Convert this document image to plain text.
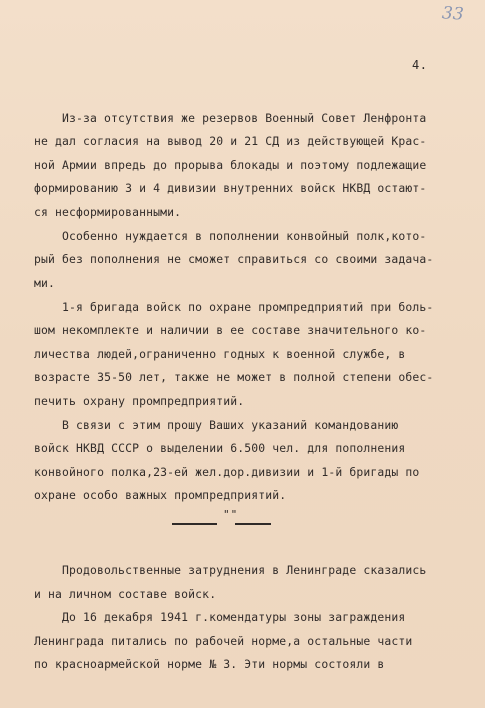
33
4.
Из-за отсутствия же резервов Военный Совет Ленфронта
не дал согласия на вывод 20 и 21 СД из действующей Крас-
ной Армии впредь до прорыва блокады и поэтому подлежащие
формированию 3 и 4 дивизии внутренних войск НКВД остают-
ся несформированными.
Особенно нуждается в пополнении конвойный полк,кото-
рый без пополнения не сможет справиться со своими задача-
ми.
1-я бригада войск по охране промпредприятий при боль-
шом некомплекте и наличии в ее составе значительного ко-
личества людей,ограниченно годных к военной службе, в
возрасте 35-50 лет, также не может в полной степени обес-
печить охрану промпредприятий.
В связи с этим прошу Ваших указаний командованию
войск НКВД СССР о выделении 6.500 чел. для пополнения
конвойного полка,23-ей жел.дор.дивизии и 1-й бригады по
охране особо важных промпредприятий.
""
Продовольственные затруднения в Ленинграде сказались
и на личном составе войск.
До 16 декабря 1941 г.комендатуры зоны заграждения
Ленинграда питались по рабочей норме,а остальные части
по красноармейской норме № 3. Эти нормы состояли в
